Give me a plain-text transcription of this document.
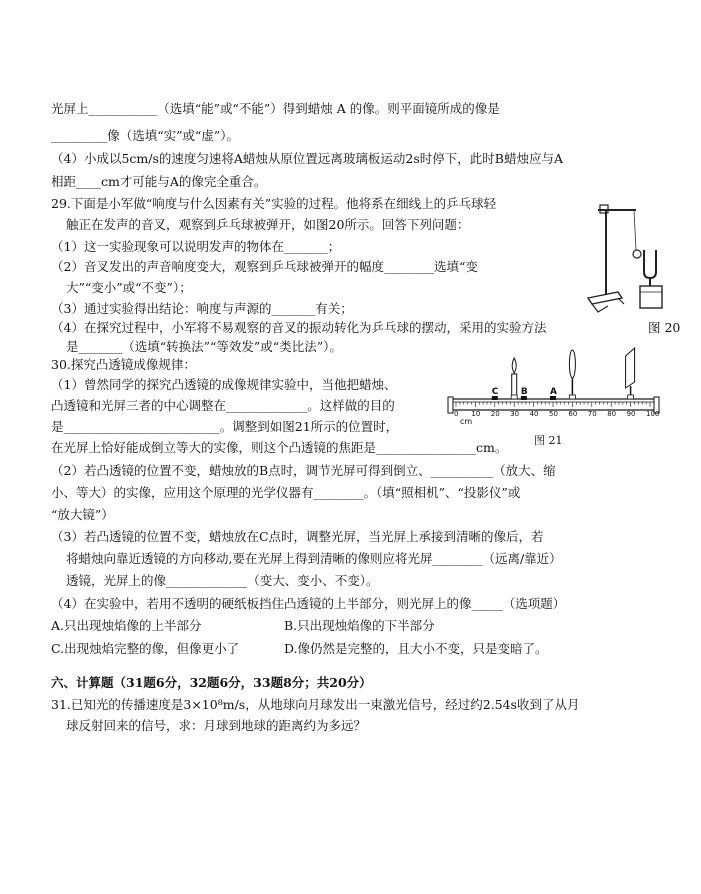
光屏上___________（选填“能”或“不能”）得到蜡烛 A 的像。则平面镜所成的像是
_________像（选填“实”或“虚”）。
（4）小成以5cm/s的速度匀速将A蜡烛从原位置远离玻璃板运动2s时停下，此时B蜡烛应与A
相距____cm才可能与A的像完全重合。
29.下面是小军做“响度与什么因素有关”实验的过程。他将系在细线上的乒乓球轻
触正在发声的音叉，观察到乒乓球被弹开，如图20所示。回答下列问题：
（1）这一实验现象可以说明发声的物体在_______；
（2）音叉发出的声音响度变大，观察到乒乓球被弹开的幅度________选填“变
大”“变小”或“不变”）；
（3）通过实验得出结论：响度与声源的_______有关；
（4）在探究过程中，小军将不易观察的音叉的振动转化为乒乓球的摆动，采用的实验方法
是_______（选填“转换法”“等效发”或“类比法”）。
30.探究凸透镜成像规律：
（1）曾然同学的探究凸透镜的成像规律实验中，当他把蜡烛、
凸透镜和光屏三者的中心调整在_____________。这样做的目的
是_________________________。调整到如图21所示的位置时，
在光屏上恰好能成倒立等大的实像，则这个凸透镜的焦距是________________cm。
（2）若凸透镜的位置不变，蜡烛放的B点时，调节光屏可得到倒立、__________（放大、缩
小、等大）的实像，应用这个原理的光学仪器有________。（填“照相机”、“投影仪”或
“放大镜”）
（3）若凸透镜的位置不变，蜡烛放在C点时，调整光屏，当光屏上承接到清晰的像后，若
将蜡烛向靠近透镜的方向移动,要在光屏上得到清晰的像则应将光屏________（远离/靠近）
透镜，光屏上的像_____________（变大、变小、不变）。
（4）在实验中，若用不透明的硬纸板挡住凸透镜的上半部分，则光屏上的像_____（选项题）
A.只出现烛焰像的上半部分	B.只出现烛焰像的下半部分
C.出现烛焰完整的像，但像更小了	D.像仍然是完整的，且大小不变，只是变暗了。
六、计算题（31题6分，32题6分，33题8分；共20分）
31.已知光的传播速度是3×10⁸m/s，从地球向月球发出一束激光信号，经过约2.54s收到了从月
球反射回来的信号，求：月球到地球的距离约为多远？
图 20
10 20 30 40 50 60 70 80 90 100
C B A
0
cm
图 21
